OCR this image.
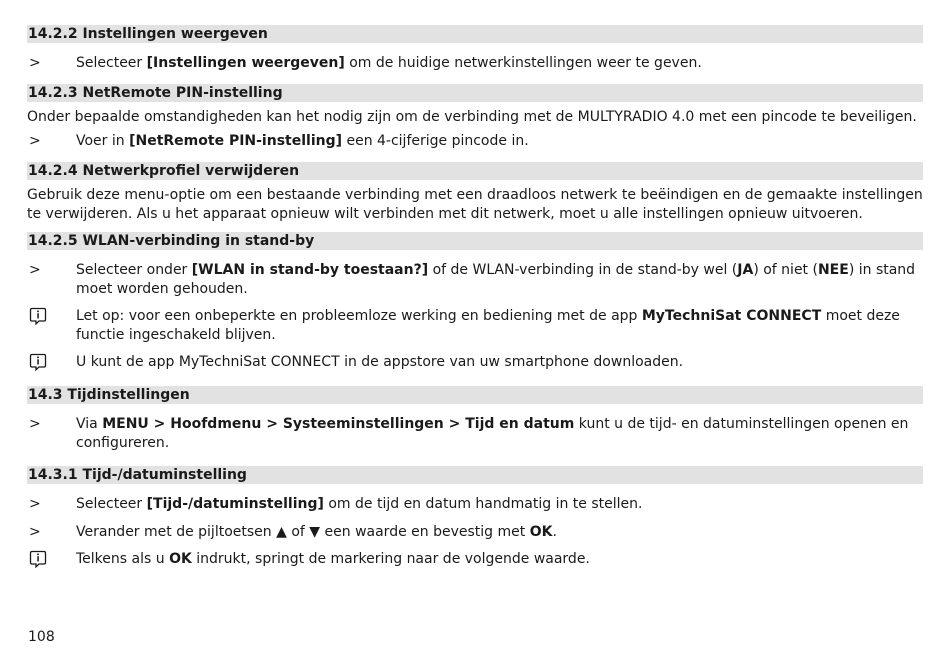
14.2.2 Instellingen weergeven
>	Selecteer [Instellingen weergeven] om de huidige netwerkinstellingen weer te geven.
14.2.3 NetRemote PIN-instelling
Onder bepaalde omstandigheden kan het nodig zijn om de verbinding met de MULTYRADIO 4.0 met een pincode te beveiligen.
>	Voer in [NetRemote PIN-instelling] een 4-cijferige pincode in.
14.2.4 Netwerkprofiel verwijderen
Gebruik deze menu-optie om een bestaande verbinding met een draadloos netwerk te beëindigen en de gemaakte instellingen te verwijderen. Als u het apparaat opnieuw wilt verbinden met dit netwerk, moet u alle instellingen opnieuw uitvoeren.
14.2.5 WLAN-verbinding in stand-by
>	Selecteer onder [WLAN in stand-by toestaan?] of de WLAN-verbinding in de stand-by wel (JA) of niet (NEE) in stand moet worden gehouden.
Let op: voor een onbeperkte en probleemloze werking en bediening met de app MyTechniSat CONNECT moet deze functie ingeschakeld blijven.
U kunt de app MyTechniSat CONNECT in de appstore van uw smartphone downloaden.
14.3 Tijdinstellingen
>	Via MENU > Hoofdmenu > Systeeminstellingen > Tijd en datum kunt u de tijd- en datuminstellingen openen en configureren.
14.3.1 Tijd-/datuminstelling
>	Selecteer [Tijd-/datuminstelling] om de tijd en datum handmatig in te stellen.
>	Verander met de pijltoetsen ▲ of ▼ een waarde en bevestig met OK.
Telkens als u OK indrukt, springt de markering naar de volgende waarde.
108
